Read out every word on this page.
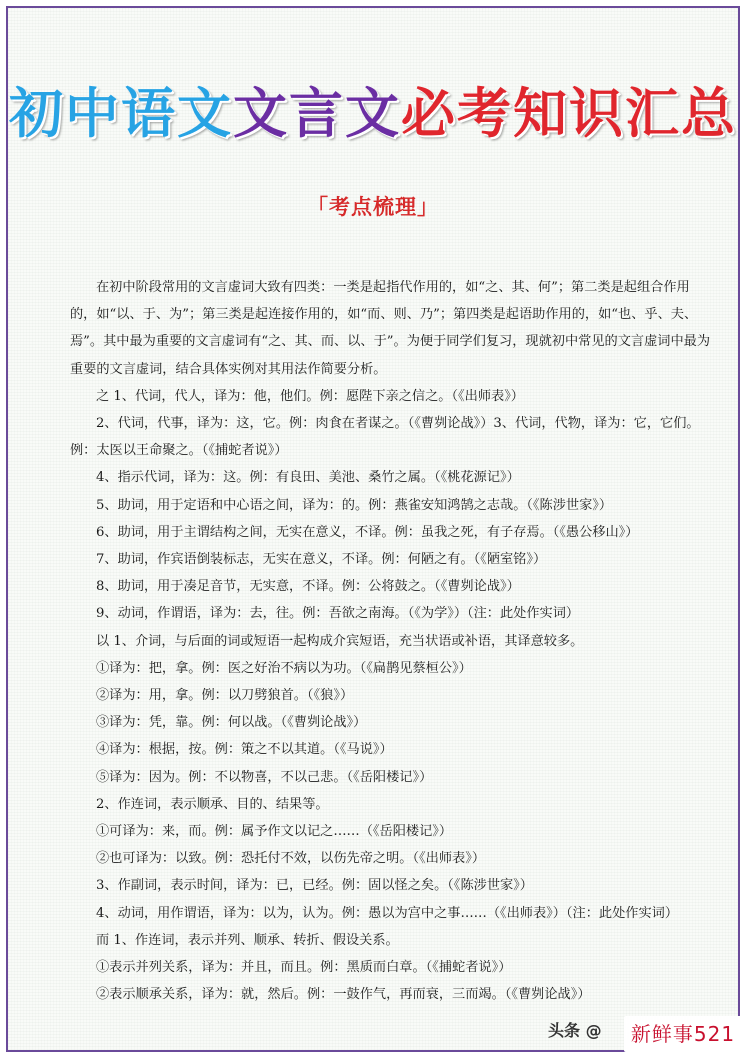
初中语文文言文必考知识汇总
「考点梳理」

在初中阶段常用的文言虚词大致有四类：一类是起指代作用的，如“之、其、何”；第二类是起组合作用的，如“以、于、为”；第三类是起连接作用的，如“而、则、乃”；第四类是起语助作用的，如“也、乎、夫、焉”。其中最为重要的文言虚词有“之、其、而、以、于”。为便于同学们复习，现就初中常见的文言虚词中最为重要的文言虚词，结合具体实例对其用法作简要分析。

之 1、代词，代人，译为：他，他们。例：愿陛下亲之信之。（《出师表》）

2、代词，代事，译为：这，它。例：肉食在者谋之。（《曹刿论战》）3、代词，代物，译为：它，它们。例：太医以王命聚之。（《捕蛇者说》）

4、指示代词，译为：这。例：有良田、美池、桑竹之属。（《桃花源记》）

5、助词，用于定语和中心语之间，译为：的。例：燕雀安知鸿鹄之志哉。（《陈涉世家》）

6、助词，用于主谓结构之间，无实在意义，不译。例：虽我之死，有子存焉。（《愚公移山》）

7、助词，作宾语倒装标志，无实在意义，不译。例：何陋之有。（《陋室铭》）

8、助词，用于凑足音节，无实意，不译。例：公将鼓之。（《曹刿论战》）

9、动词，作谓语，译为：去，往。例：吾欲之南海。（《为学》）（注：此处作实词）

以 1、介词，与后面的词或短语一起构成介宾短语，充当状语或补语，其译意较多。

①译为：把，拿。例：医之好治不病以为功。（《扁鹊见蔡桓公》）

②译为：用，拿。例：以刀劈狼首。（《狼》）

③译为：凭，靠。例：何以战。（《曹刿论战》）

④译为：根据，按。例：策之不以其道。（《马说》）

⑤译为：因为。例：不以物喜，不以己悲。（《岳阳楼记》）

2、作连词，表示顺承、目的、结果等。

①可译为：来，而。例：属予作文以记之……（《岳阳楼记》）

②也可译为：以致。例：恐托付不效，以伤先帝之明。（《出师表》）

3、作副词，表示时间，译为：已，已经。例：固以怪之矣。（《陈涉世家》）

4、动词，用作谓语，译为：以为，认为。例：愚以为宫中之事……（《出师表》）（注：此处作实词）

而 1、作连词，表示并列、顺承、转折、假设关系。

①表示并列关系，译为：并且，而且。例：黑质而白章。（《捕蛇者说》）

②表示顺承关系，译为：就，然后。例：一鼓作气，再而衰，三而竭。（《曹刿论战》）

头条 @	新鲜事521
